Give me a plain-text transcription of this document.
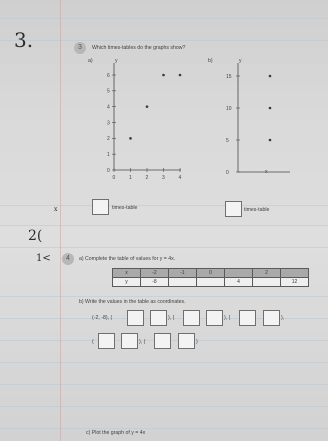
3.
x
2(
1<
3	Which times-tables do the graphs show?
a)	y
6
5
4
3
2
1
0
0	1	2	3	4
b)	y
x
15
10
5
0
times-table	times-table
4	a) Complete the table of values for y = 4x.
x	-2	-1	0		2	
y	-8			4		12
b) Write the values in the table as coordinates.
(-2, -8), (	), (	), (	),
(	), (	)
c) Plot the graph of y = 4x
